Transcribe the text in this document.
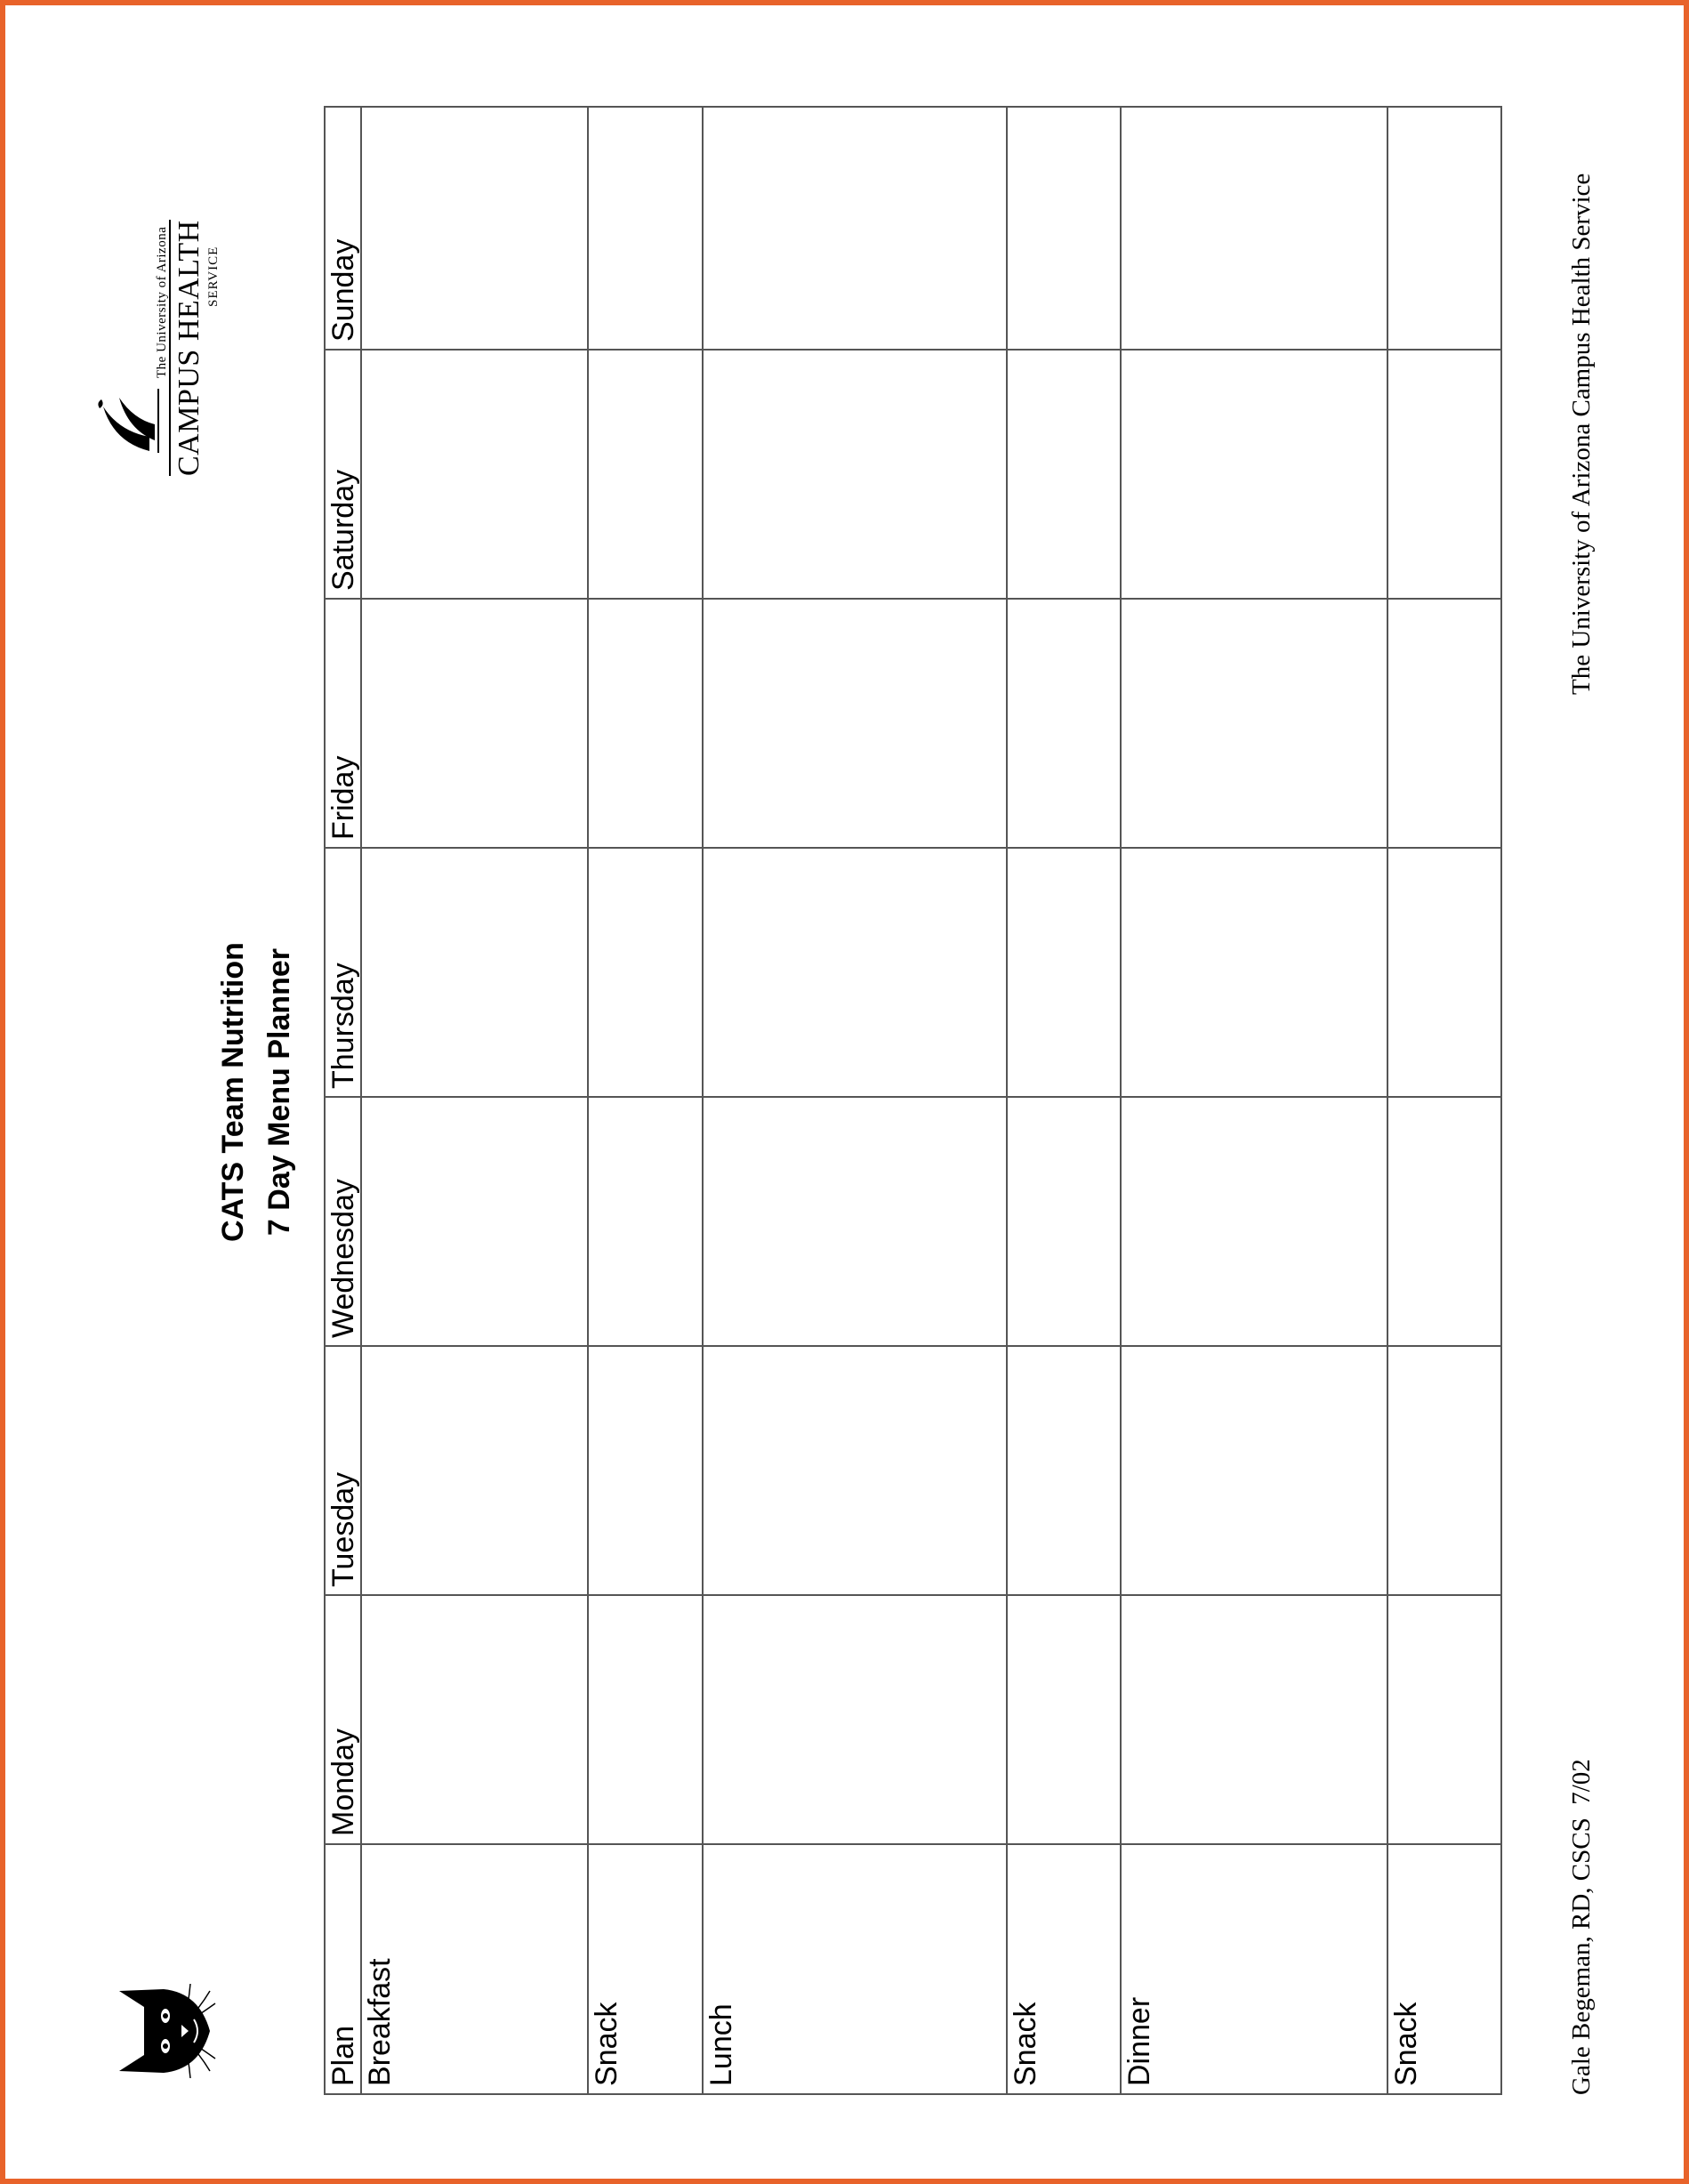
CATS Team Nutrition 7 Day Menu Planner
The University of Arizona CAMPUS HEALTH SERVICE
Plan	Monday	Tuesday	Wednesday	Thursday	Friday	Saturday	Sunday

Breakfast							

Snack							

Lunch							

Snack							

Dinner							

Snack							
								Gale Begeman, RD, CSCS  7/02
The University of Arizona Campus Health Service
